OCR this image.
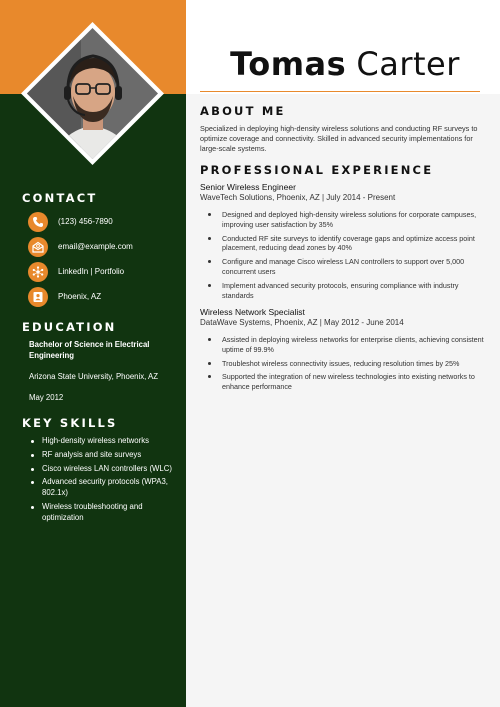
Tomas Carter
ABOUT ME
Specialized in deploying high-density wireless solutions and conducting RF surveys to optimize coverage and connectivity. Skilled in advanced security implementations for large-scale systems.
PROFESSIONAL EXPERIENCE
Senior Wireless Engineer
WaveTech Solutions, Phoenix, AZ | July 2014 - Present
Designed and deployed high-density wireless solutions for corporate campuses, improving user satisfaction by 35%
Conducted RF site surveys to identify coverage gaps and optimize access point placement, reducing dead zones by 40%
Configure and manage Cisco wireless LAN controllers to support over 5,000 concurrent users
Implement advanced security protocols, ensuring compliance with industry standards
Wireless Network Specialist
DataWave Systems, Phoenix, AZ | May 2012 - June 2014
Assisted in deploying wireless networks for enterprise clients, achieving consistent uptime of 99.9%
Troubleshot wireless connectivity issues, reducing resolution times by 25%
Supported the integration of new wireless technologies into existing networks to enhance performance
CONTACT
(123) 456-7890
email@example.com
LinkedIn | Portfolio
Phoenix, AZ
EDUCATION
Bachelor of Science in Electrical Engineering
Arizona State University, Phoenix, AZ
May 2012
KEY SKILLS
High-density wireless networks
RF analysis and site surveys
Cisco wireless LAN controllers (WLC)
Advanced security protocols (WPA3, 802.1x)
Wireless troubleshooting and optimization
